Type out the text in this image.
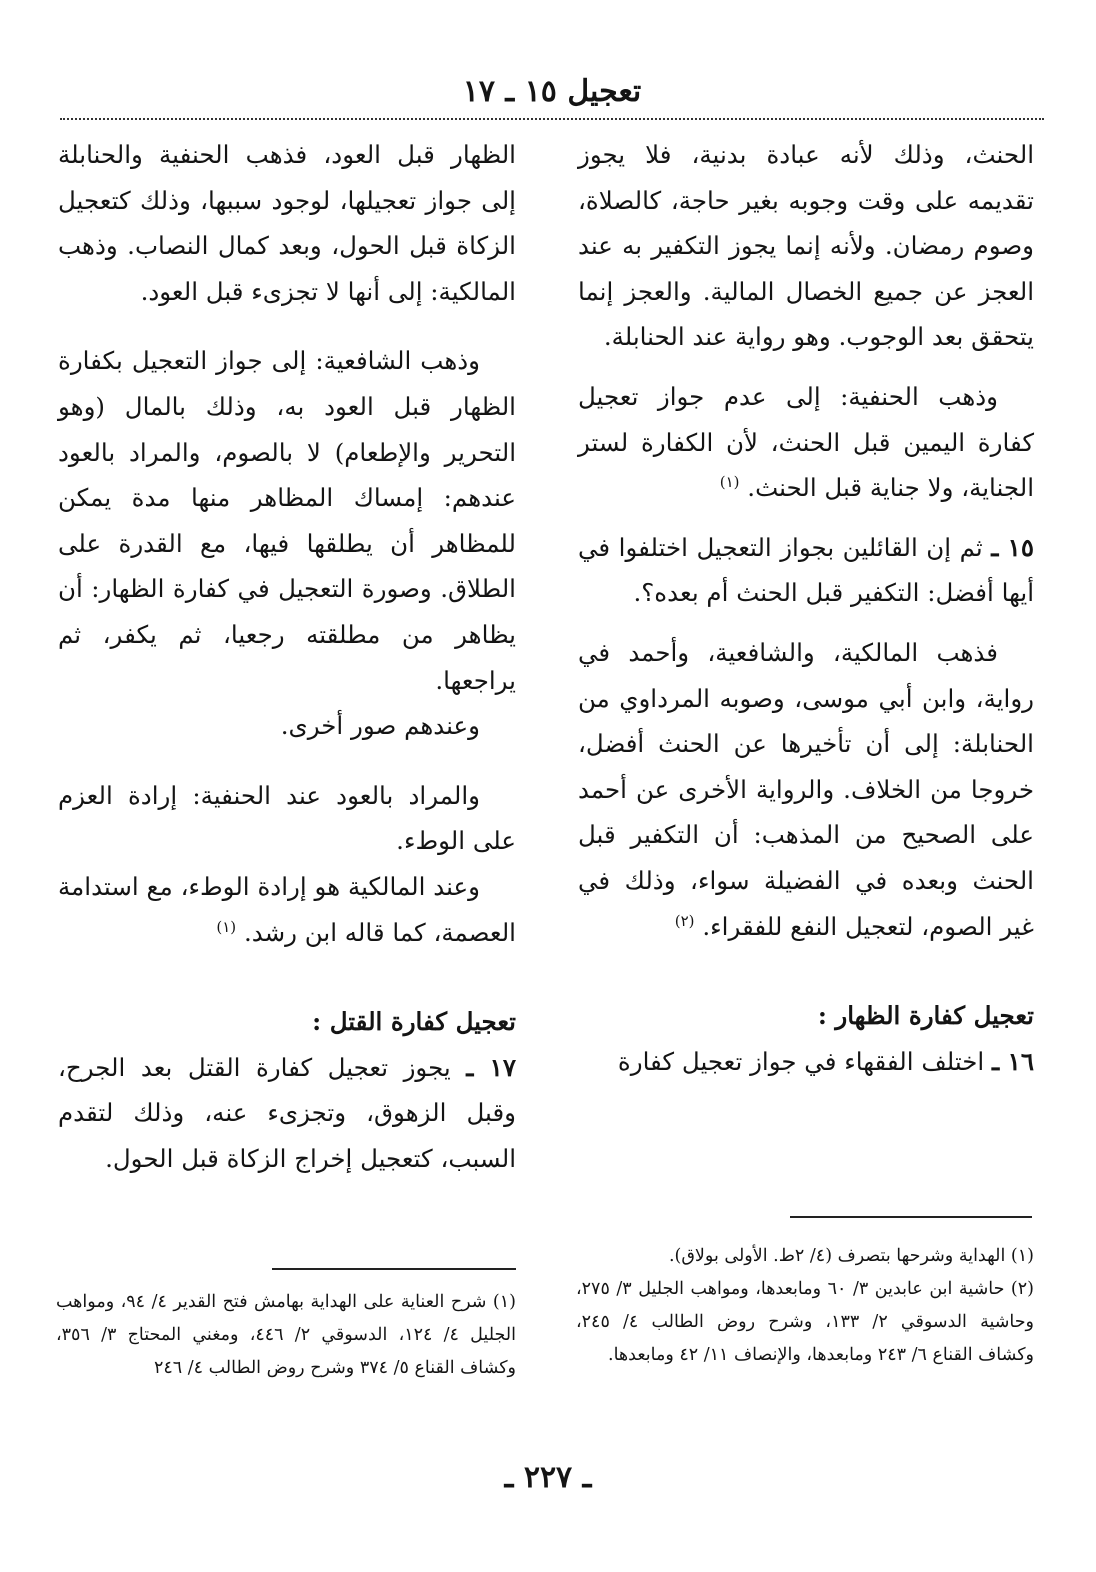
تعجيل ١٥ ـ ١٧

الحنث، وذلك لأنه عبادة بدنية، فلا يجوز تقديمه على وقت وجوبه بغير حاجة، كالصلاة، وصوم رمضان. ولأنه إنما يجوز التكفير به عند العجز عن جميع الخصال المالية. والعجز إنما يتحقق بعد الوجوب. وهو رواية عند الحنابلة.

وذهب الحنفية: إلى عدم جواز تعجيل كفارة اليمين قبل الحنث، لأن الكفارة لستر الجناية، ولا جناية قبل الحنث. $^{(١)}$

١٥ ـ ثم إن القائلين بجواز التعجيل اختلفوا في أيها أفضل: التكفير قبل الحنث أم بعده؟.

فذهب المالكية، والشافعية، وأحمد في رواية، وابن أبي موسى، وصوبه المرداوي من الحنابلة: إلى أن تأخيرها عن الحنث أفضل، خروجا من الخلاف. والرواية الأخرى عن أحمد على الصحيح من المذهب: أن التكفير قبل الحنث وبعده في الفضيلة سواء، وذلك في غير الصوم، لتعجيل النفع للفقراء. $^{(٢)}$

تعجيل كفارة الظهار :

١٦ ـ اختلف الفقهاء في جواز تعجيل كفارة

الظهار قبل العود، فذهب الحنفية والحنابلة إلى جواز تعجيلها، لوجود سببها، وذلك كتعجيل الزكاة قبل الحول، وبعد كمال النصاب. وذهب المالكية: إلى أنها لا تجزىء قبل العود.

وذهب الشافعية: إلى جواز التعجيل بكفارة الظهار قبل العود به، وذلك بالمال (وهو التحرير والإطعام) لا بالصوم، والمراد بالعود عندهم: إمساك المظاهر منها مدة يمكن للمظاهر أن يطلقها فيها، مع القدرة على الطلاق. وصورة التعجيل في كفارة الظهار: أن يظاهر من مطلقته رجعيا، ثم يكفر، ثم يراجعها.

وعندهم صور أخرى.

والمراد بالعود عند الحنفية: إرادة العزم على الوطء.

وعند المالكية هو إرادة الوطء، مع استدامة العصمة، كما قاله ابن رشد. $^{(١)}$

تعجيل كفارة القتل :

١٧ ـ يجوز تعجيل كفارة القتل بعد الجرح، وقبل الزهوق، وتجزىء عنه، وذلك لتقدم السبب، كتعجيل إخراج الزكاة قبل الحول.

(١) الهداية وشرحها بتصرف (٤/ ٢ط. الأولى بولاق).

(٢) حاشية ابن عابدين ٣/ ٦٠ ومابعدها، ومواهب الجليل ٣/ ٢٧٥، وحاشية الدسوقي ٢/ ١٣٣، وشرح روض الطالب ٤/ ٢٤٥، وكشاف القناع ٦/ ٢٤٣ ومابعدها، والإنصاف ١١/ ٤٢ ومابعدها.

(١) شرح العناية على الهداية بهامش فتح القدير ٤/ ٩٤، ومواهب الجليل ٤/ ١٢٤، الدسوقي ٢/ ٤٤٦، ومغني المحتاج ٣/ ٣٥٦، وكشاف القناع ٥/ ٣٧٤ وشرح روض الطالب ٤/ ٢٤٦

ـ ٢٢٧ ـ
